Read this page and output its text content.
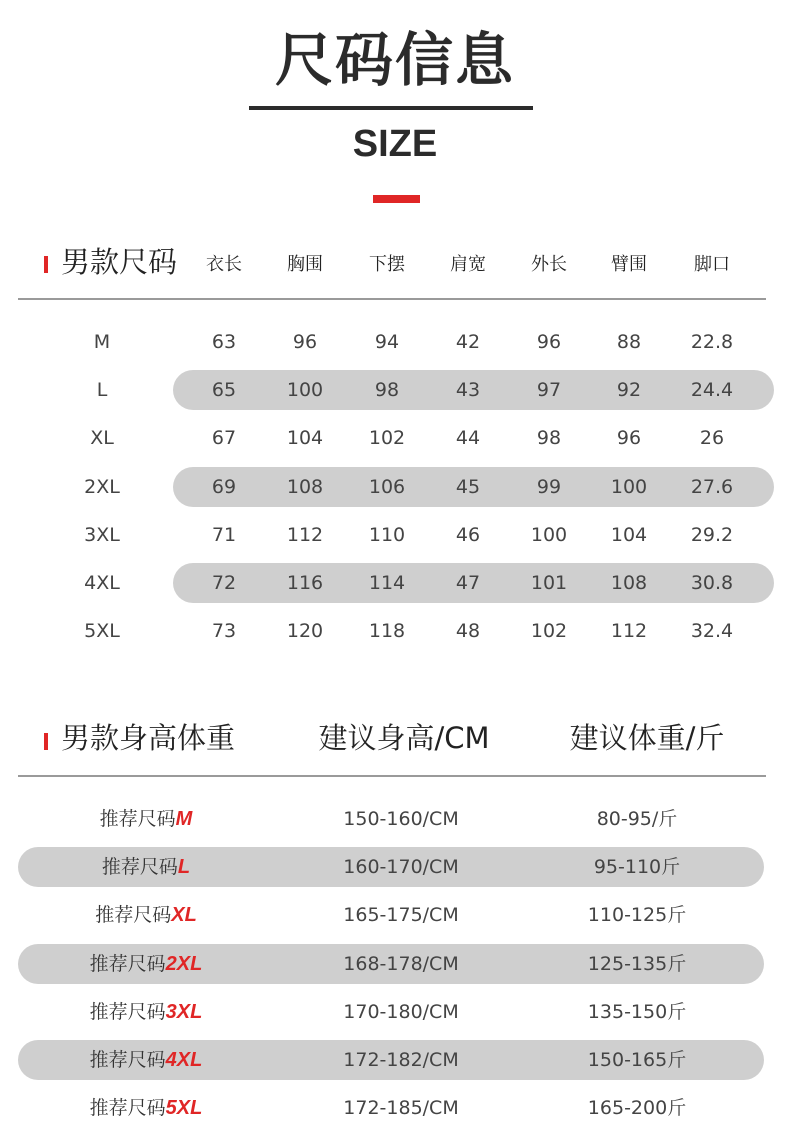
尺码信息
SIZE
男款尺码 衣长	胸围	下摆	肩宽	外长 臂围	脚口
M	63	96	94	42	96	88	22.8
L	65	100	98	43	97	92	24.4
XL	67	104 102	44	98	96	26
2XL	69	108 106	45	99	100 27.6
3XL	71	112 110	46	100 104 29.2
4XL	72	116 114	47	101 108 30.8
5XL	73	120 118	48	102 112 32.4
男款身高体重	建议身高/CM	建议体重/斤
推荐尺码M	150-160/CM	80-95/斤
推荐尺码L	160-170/CM	95-110斤
推荐尺码XL	165-175/CM	110-125斤
推荐尺码2XL	168-178/CM	125-135斤
推荐尺码3XL	170-180/CM	135-150斤
推荐尺码4XL	172-182/CM	150-165斤
推荐尺码5XL	172-185/CM	165-200斤
